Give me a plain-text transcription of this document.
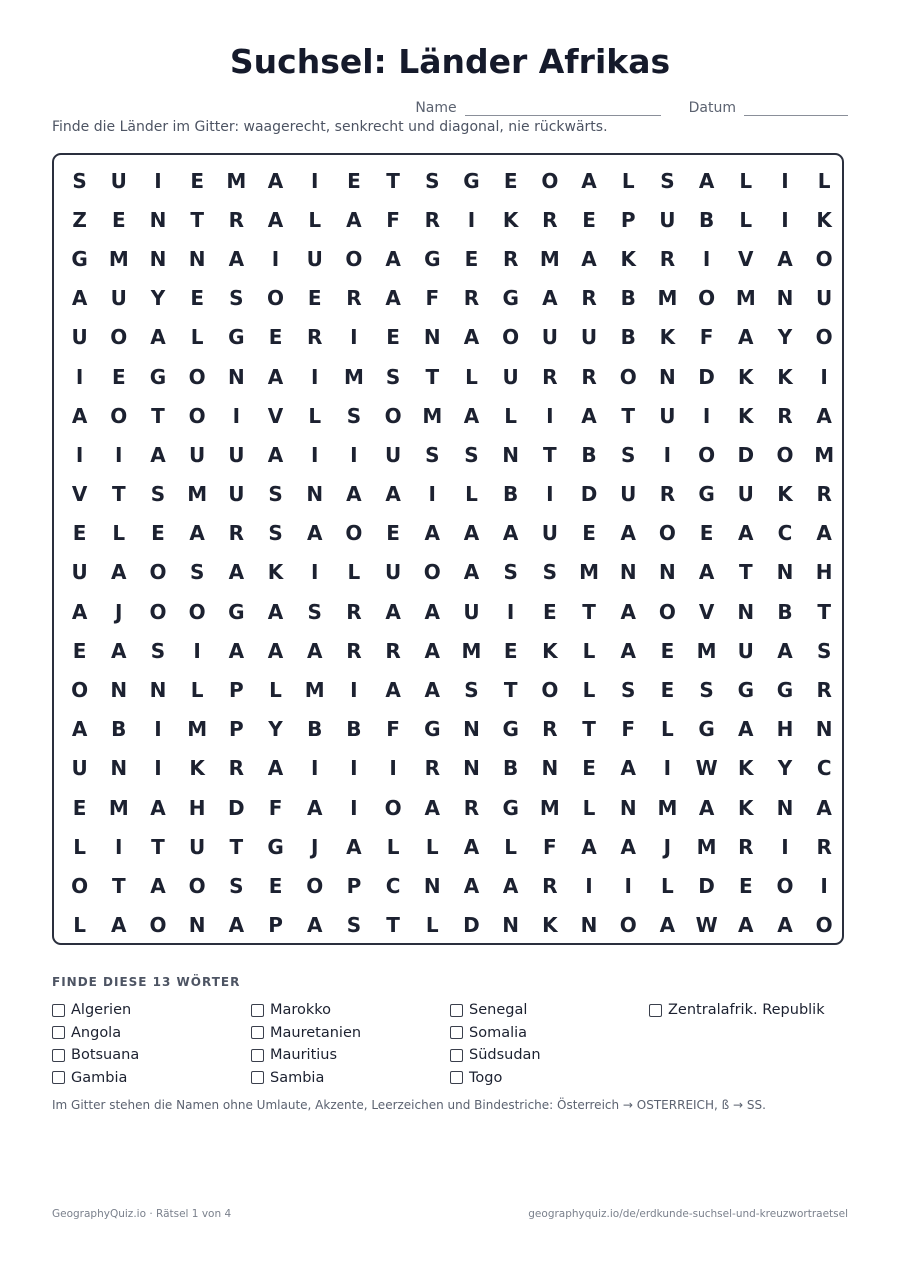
Suchsel: Länder Afrikas
Name	Datum
Finde die Länder im Gitter: waagerecht, senkrecht und diagonal, nie rückwärts.
S	U	I	E	M	A	I	E	T	S	G	E	O	A	L	S	A	L	I	L
Z	E	N	T	R	A	L	A	F	R	I	K	R	E	P	U	B	L	I	K
G	M	N	N	A	I	U	O	A	G	E	R	M	A	K	R	I	V	A	O
A	U	Y	E	S	O	E	R	A	F	R	G	A	R	B	M	O	M	N	U
U	O	A	L	G	E	R	I	E	N	A	O	U	U	B	K	F	A	Y	O
I	E	G	O	N	A	I	M	S	T	L	U	R	R	O	N	D	K	K	I
A	O	T	O	I	V	L	S	O	M	A	L	I	A	T	U	I	K	R	A
I	I	A	U	U	A	I	I	U	S	S	N	T	B	S	I	O	D	O	M
V	T	S	M	U	S	N	A	A	I	L	B	I	D	U	R	G	U	K	R
E	L	E	A	R	S	A	O	E	A	A	A	U	E	A	O	E	A	C	A
U	A	O	S	A	K	I	L	U	O	A	S	S	M	N	N	A	T	N	H
A	J	O	O	G	A	S	R	A	A	U	I	E	T	A	O	V	N	B	T
E	A	S	I	A	A	A	R	R	A	M	E	K	L	A	E	M	U	A	S
O	N	N	L	P	L	M	I	A	A	S	T	O	L	S	E	S	G	G	R
A	B	I	M	P	Y	B	B	F	G	N	G	R	T	F	L	G	A	H	N
U	N	I	K	R	A	I	I	I	R	N	B	N	E	A	I	W	K	Y	C
E	M	A	H	D	F	A	I	O	A	R	G	M	L	N	M	A	K	N	A
L	I	T	U	T	G	J	A	L	L	A	L	F	A	A	J	M	R	I	R
O	T	A	O	S	E	O	P	C	N	A	A	R	I	I	L	D	E	O	I
L	A	O	N	A	P	A	S	T	L	D	N	K	N	O	A	W	A	A	O
FINDE DIESE 13 WÖRTER
Algerien
Angola
Botsuana
Gambia
Marokko
Mauretanien
Mauritius
Sambia
Senegal
Somalia
Südsudan
Togo
Zentralafrik. Republik
Im Gitter stehen die Namen ohne Umlaute, Akzente, Leerzeichen und Bindestriche: Österreich → OSTERREICH, ß → SS.
GeographyQuiz.io · Rätsel 1 von 4	geographyquiz.io/de/erdkunde-suchsel-und-kreuzwortraetsel
